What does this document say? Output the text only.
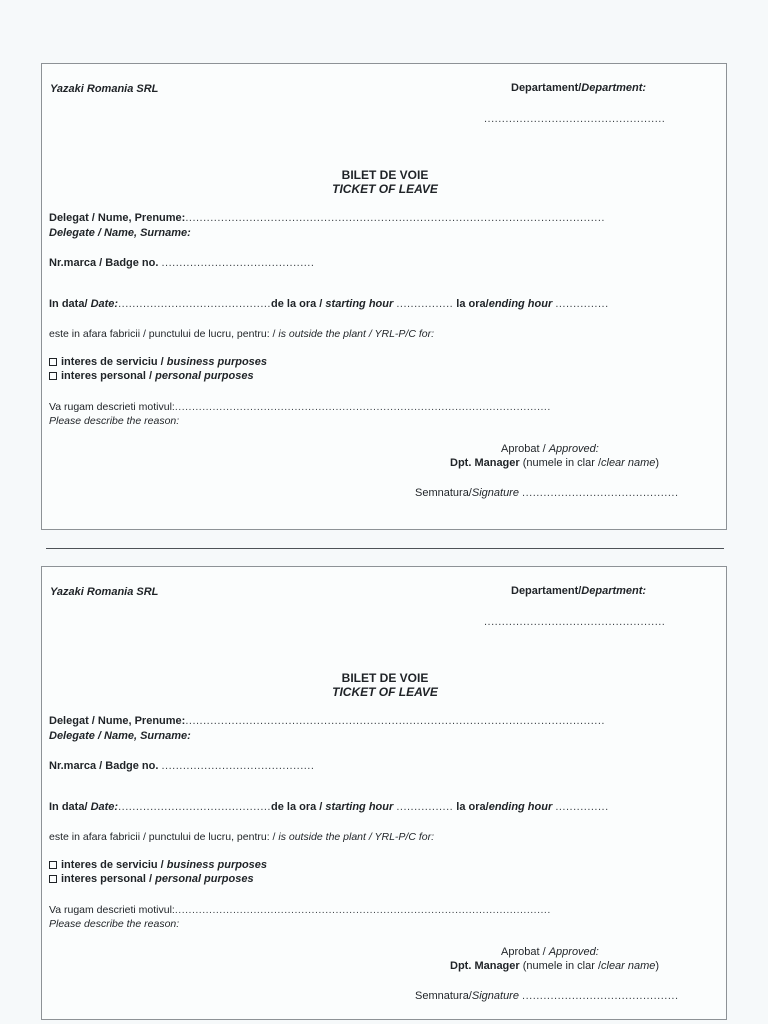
Yazaki Romania SRL	Departament/Department:
...................................................
BILET DE VOIE
TICKET OF LEAVE
Delegat / Nume, Prenume:......................................................................................................................
Delegate / Name, Surname:
Nr.marca / Badge no. ...........................................
In data/ Date:...........................................de la ora / starting hour ................ la ora/ending hour ...............
este in afara fabricii / punctului de lucru, pentru: / is outside the plant / YRL-P/C for:
interes de serviciu / business purposes
interes personal / personal purposes
Va rugam descrieti motivul:..............................................................................................................
Please describe the reason:
Aprobat / Approved:
Dpt. Manager (numele in clar /clear name)
Semnatura/Signature ............................................
Yazaki Romania SRL	Departament/Department:
...................................................
BILET DE VOIE
TICKET OF LEAVE
Delegat / Nume, Prenume:......................................................................................................................
Delegate / Name, Surname:
Nr.marca / Badge no. ...........................................
In data/ Date:...........................................de la ora / starting hour ................ la ora/ending hour ...............
este in afara fabricii / punctului de lucru, pentru: / is outside the plant / YRL-P/C for:
interes de serviciu / business purposes
interes personal / personal purposes
Va rugam descrieti motivul:..............................................................................................................
Please describe the reason:
Aprobat / Approved:
Dpt. Manager (numele in clar /clear name)
Semnatura/Signature ............................................
